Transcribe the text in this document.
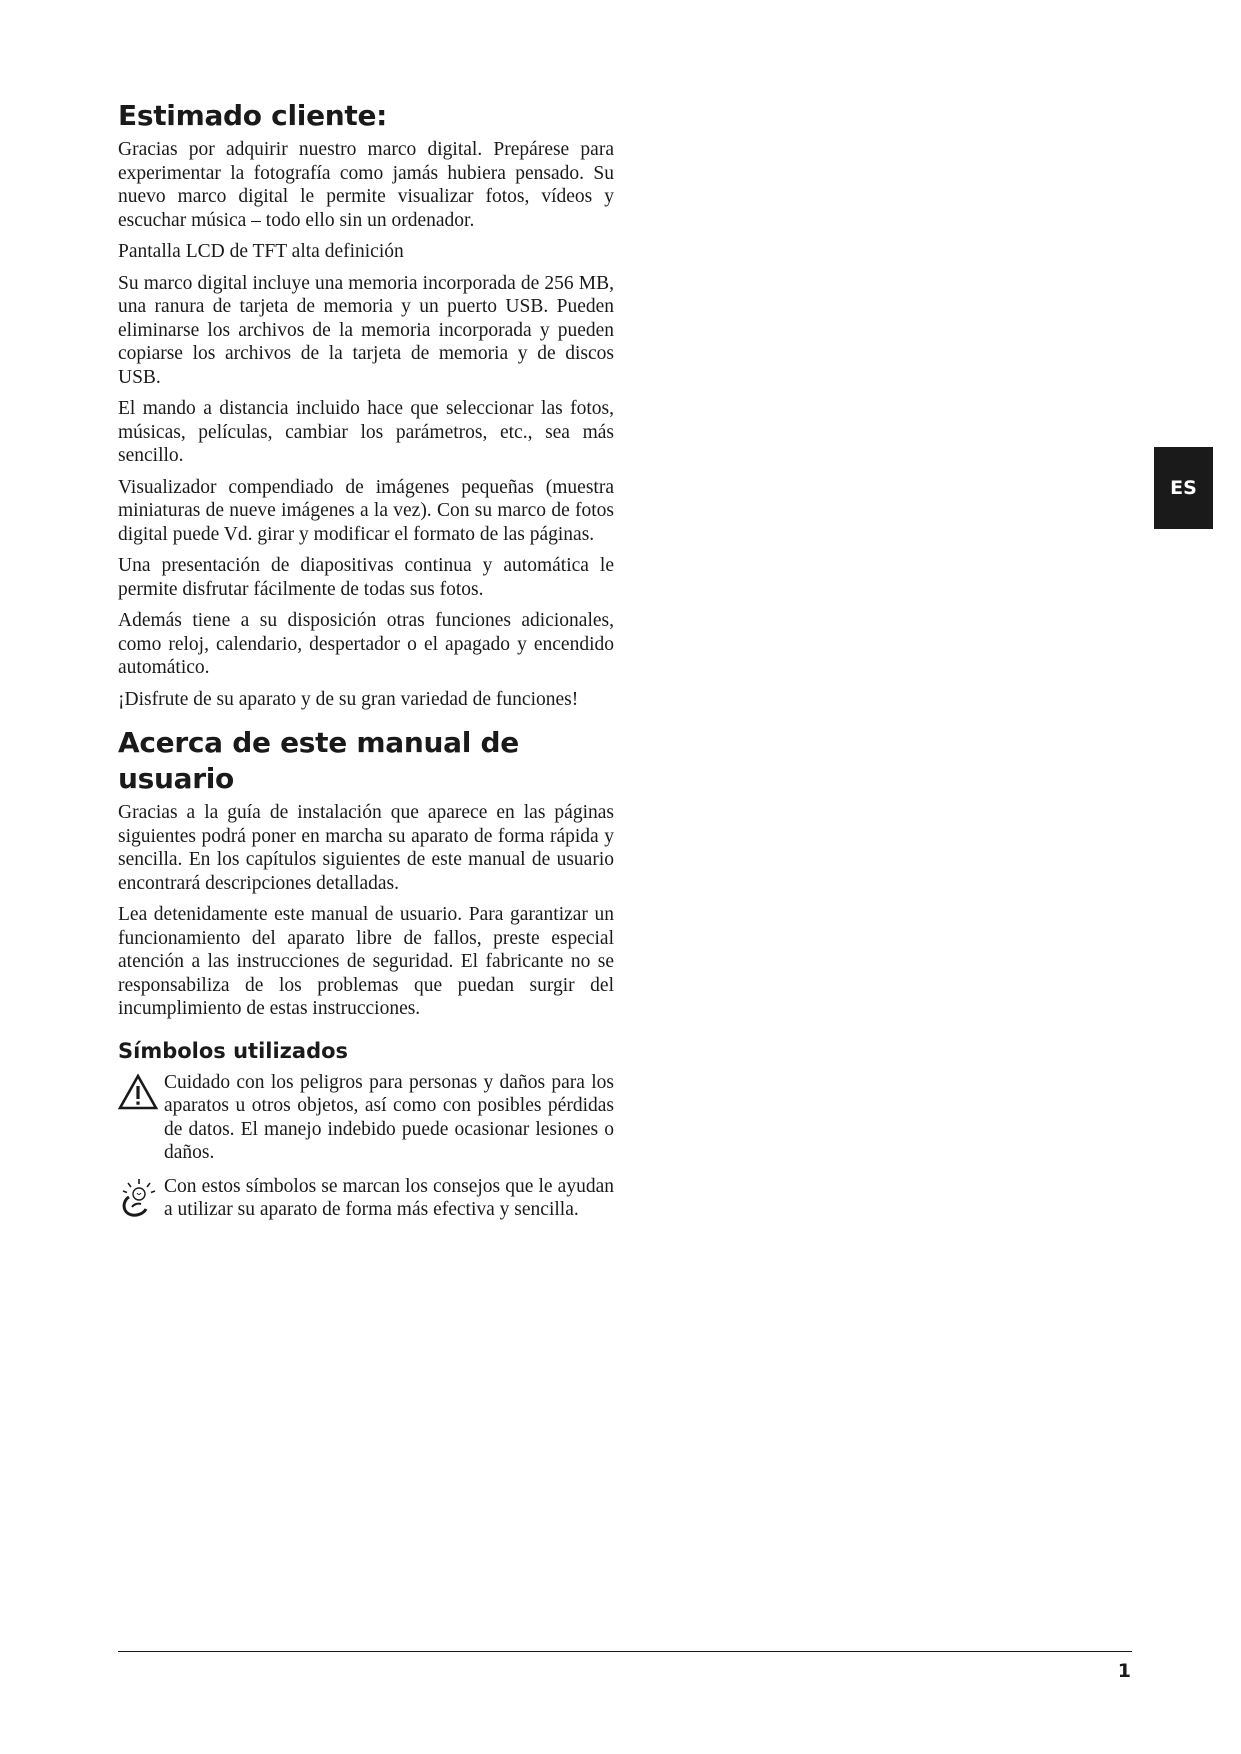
Estimado cliente:

Gracias por adquirir nuestro marco digital. Prepárese para experimentar la fotografía como jamás hubiera pensado. Su nuevo marco digital le permite visualizar fotos, vídeos y escuchar música – todo ello sin un ordenador.

Pantalla LCD de TFT alta definición

Su marco digital incluye una memoria incorporada de 256 MB, una ranura de tarjeta de memoria y un puerto USB. Pueden eliminarse los archivos de la memoria incorporada y pueden copiarse los archivos de la tarjeta de memoria y de discos USB.

El mando a distancia incluido hace que seleccionar las fotos, músicas, películas, cambiar los parámetros, etc., sea más sencillo.

Visualizador compendiado de imágenes pequeñas (muestra miniaturas de nueve imágenes a la vez). Con su marco de fotos digital puede Vd. girar y modificar el formato de las páginas.

Una presentación de diapositivas continua y automática le permite disfrutar fácilmente de todas sus fotos.

Además tiene a su disposición otras funciones adicionales, como reloj, calendario, despertador o el apagado y encendido automático.

¡Disfrute de su aparato y de su gran variedad de funciones!

Acerca de este manual de usuario

Gracias a la guía de instalación que aparece en las páginas siguientes podrá poner en marcha su aparato de forma rápida y sencilla. En los capítulos siguientes de este manual de usuario encontrará descripciones detalladas.

Lea detenidamente este manual de usuario. Para garantizar un funcionamiento del aparato libre de fallos, preste especial atención a las instrucciones de seguridad. El fabricante no se responsabiliza de los problemas que puedan surgir del incumplimiento de estas instrucciones.

Símbolos utilizados

Cuidado con los peligros para personas y daños para los aparatos u otros objetos, así como con posibles pérdidas de datos. El manejo indebido puede ocasionar lesiones o daños.

Con estos símbolos se marcan los consejos que le ayudan a utilizar su aparato de forma más efectiva y sencilla.

ES
1
